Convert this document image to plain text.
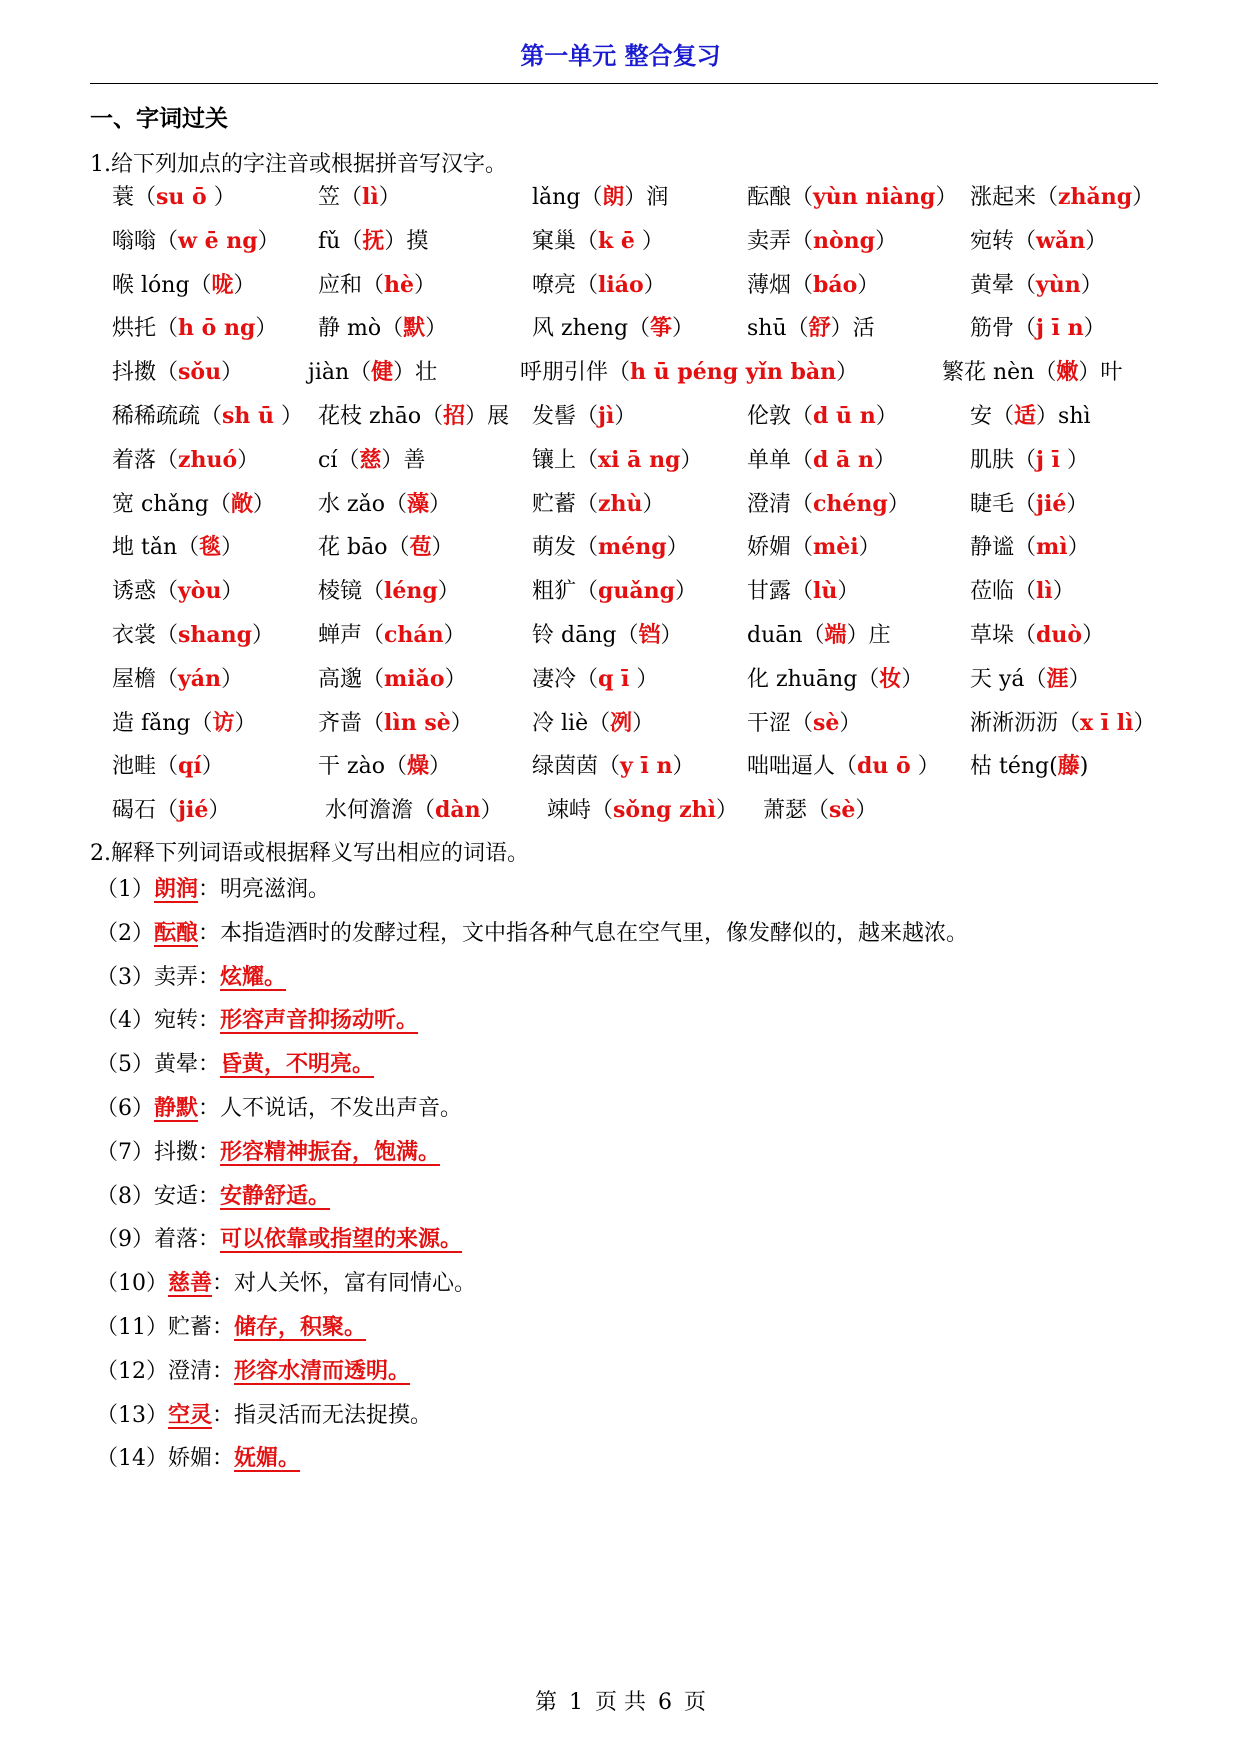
第一单元 整合复习
一、字词过关
1.给下列加点的字注音或根据拼音写汉字。
蓑（su ō ）	笠（lì）	lǎng（朗）润	酝酿（yùn niàng） 涨起来（zhǎng）
嗡嗡（w ē ng） fǔ（抚）摸	窠巢（k ē ）	卖弄（nòng）	宛转（wǎn）
喉 lóng（咙）	应和（hè）	嘹亮（liáo）	薄烟（báo）	黄晕（yùn）
烘托（h ō ng） 静 mò（默）	风 zheng（筝） shū（舒）活	筋骨（j ī n）
抖擞（sǒu）	jiàn（健）壮	呼朋引伴（h ū péng yǐn bàn）	繁花 nèn（嫩）叶
稀稀疏疏（sh ū ） 花枝 zhāo（招）展 发髻（jì）	伦敦（d ū n）	安（适）shì
着落（zhuó）	cí（慈）善	镶上（xi ā ng） 单单（d ā n）	肌肤（j ī ）
宽 chǎng（敞） 水 zǎo（藻）	贮蓄（zhù）	澄清（chéng）	睫毛（jié）
地 tǎn（毯）	花 bāo（苞）	萌发（méng）	娇媚（mèi）	静谧（mì）
诱惑（yòu）	棱镜（léng）	粗犷（guǎng） 甘露（lù）	莅临（lì）
衣裳（shang） 蝉声（chán）	铃 dāng（铛）	duān（端）庄	草垛（duò）
屋檐（yán）	高邈（miǎo）	凄冷（q ī ）	化 zhuāng（妆） 天 yá（涯）
造 fǎng（访）	齐啬（lìn sè）	冷 liè（冽）	干涩（sè）	淅淅沥沥（x ī lì）
池畦（qí）	干 zào（燥）	绿茵茵（y ī n） 咄咄逼人（du ō ） 枯 téng(藤)
碣石（jié）	水何澹澹（dàn） 竦峙（sǒng zhì） 萧瑟（sè）
2.解释下列词语或根据释义写出相应的词语。
（1）朗润：明亮滋润。
（2）酝酿：本指造酒时的发酵过程，文中指各种气息在空气里，像发酵似的，越来越浓。
（3）卖弄：炫耀。
（4）宛转：形容声音抑扬动听。
（5）黄晕：昏黄，不明亮。
（6）静默：人不说话，不发出声音。
（7）抖擞：形容精神振奋，饱满。
（8）安适：安静舒适。
（9）着落：可以依靠或指望的来源。
（10）慈善：对人关怀，富有同情心。
（11）贮蓄：储存，积聚。
（12）澄清：形容水清而透明。
（13）空灵：指灵活而无法捉摸。
（14）娇媚：妩媚。
第 1 页 共 6 页
